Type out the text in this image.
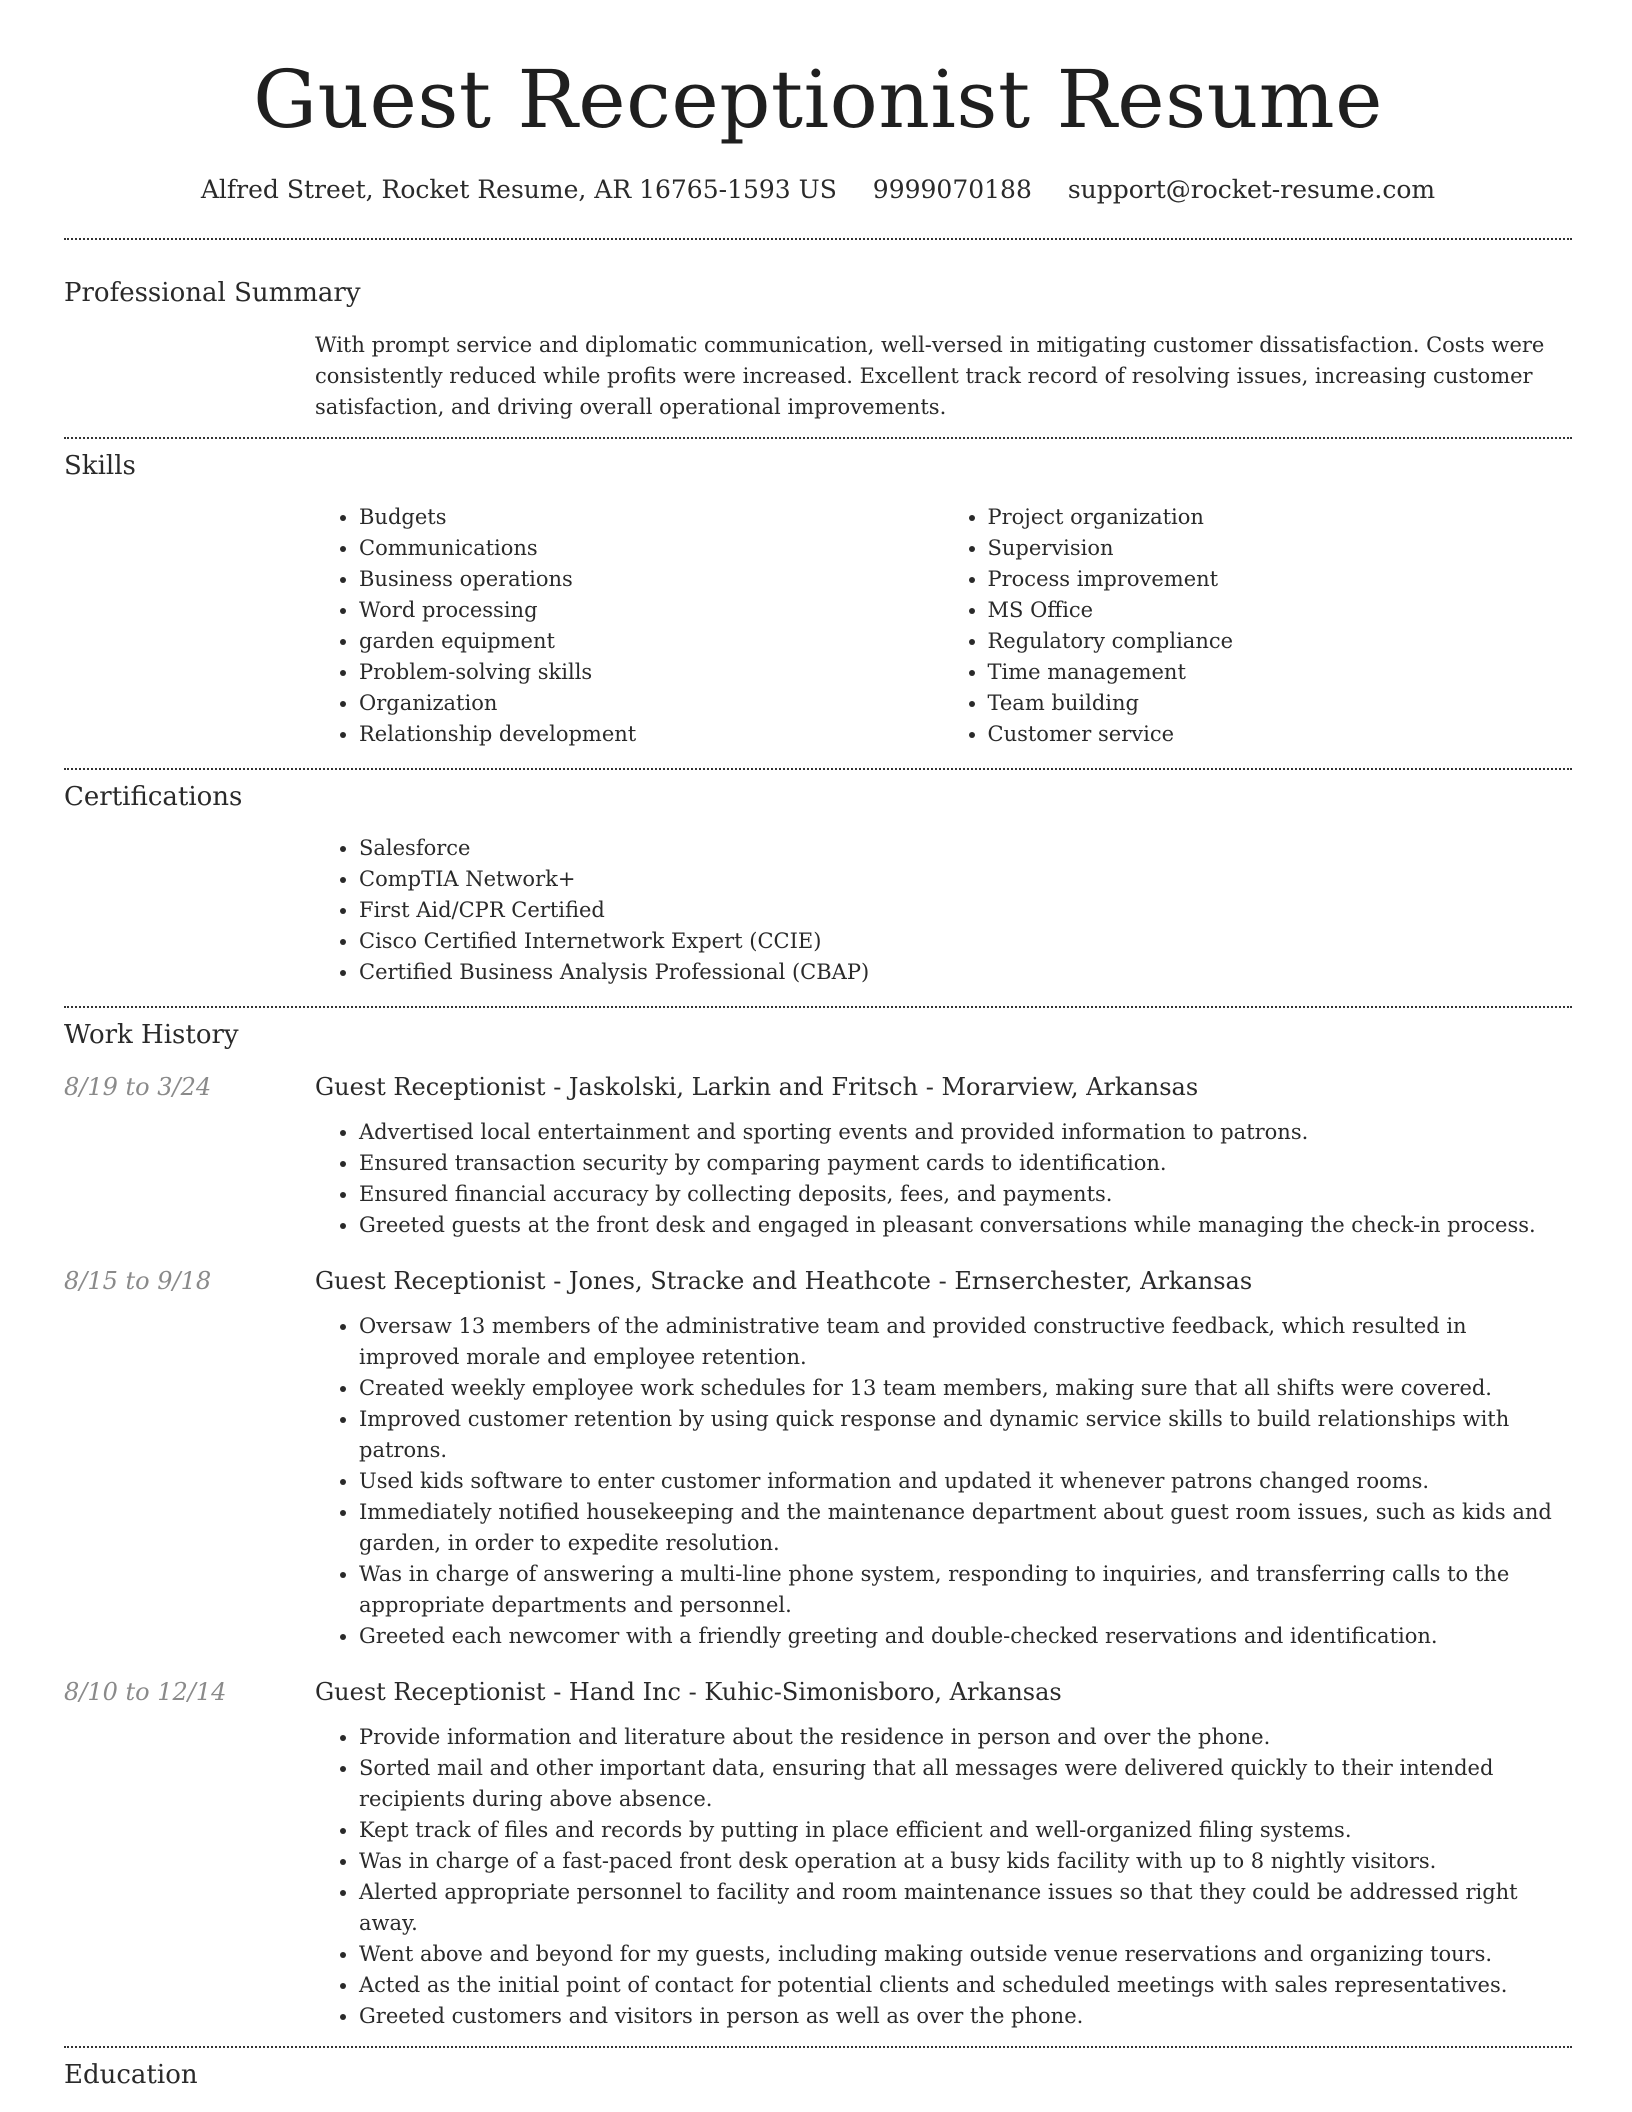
Guest Receptionist Resume
Alfred Street, Rocket Resume, AR 16765-1593 US 9999070188 support@rocket-resume.com
Professional Summary
With prompt service and diplomatic communication, well-versed in mitigating customer dissatisfaction. Costs were consistently reduced while profits were increased. Excellent track record of resolving issues, increasing customer satisfaction, and driving overall operational improvements.
Skills
• Budgets
• Communications
• Business operations
• Word processing
• garden equipment
• Problem-solving skills
• Organization
• Relationship development
• Project organization
• Supervision
• Process improvement
• MS Office
• Regulatory compliance
• Time management
• Team building
• Customer service
Certifications
• Salesforce
• CompTIA Network+
• First Aid/CPR Certified
• Cisco Certified Internetwork Expert (CCIE)
• Certified Business Analysis Professional (CBAP)
Work History
8/19 to 3/24	Guest Receptionist - Jaskolski, Larkin and Fritsch - Morarview, Arkansas
• Advertised local entertainment and sporting events and provided information to patrons.
• Ensured transaction security by comparing payment cards to identification.
• Ensured financial accuracy by collecting deposits, fees, and payments.
• Greeted guests at the front desk and engaged in pleasant conversations while managing the check-in process.
8/15 to 9/18	Guest Receptionist - Jones, Stracke and Heathcote - Ernserchester, Arkansas
• Oversaw 13 members of the administrative team and provided constructive feedback, which resulted in improved morale and employee retention.
• Created weekly employee work schedules for 13 team members, making sure that all shifts were covered.
• Improved customer retention by using quick response and dynamic service skills to build relationships with patrons.
• Used kids software to enter customer information and updated it whenever patrons changed rooms.
• Immediately notified housekeeping and the maintenance department about guest room issues, such as kids and garden, in order to expedite resolution.
• Was in charge of answering a multi-line phone system, responding to inquiries, and transferring calls to the appropriate departments and personnel.
• Greeted each newcomer with a friendly greeting and double-checked reservations and identification.
8/10 to 12/14	Guest Receptionist - Hand Inc - Kuhic-Simonisboro, Arkansas
• Provide information and literature about the residence in person and over the phone.
• Sorted mail and other important data, ensuring that all messages were delivered quickly to their intended recipients during above absence.
• Kept track of files and records by putting in place efficient and well-organized filing systems.
• Was in charge of a fast-paced front desk operation at a busy kids facility with up to 8 nightly visitors.
• Alerted appropriate personnel to facility and room maintenance issues so that they could be addressed right away.
• Went above and beyond for my guests, including making outside venue reservations and organizing tours.
• Acted as the initial point of contact for potential clients and scheduled meetings with sales representatives.
• Greeted customers and visitors in person as well as over the phone.
Education
